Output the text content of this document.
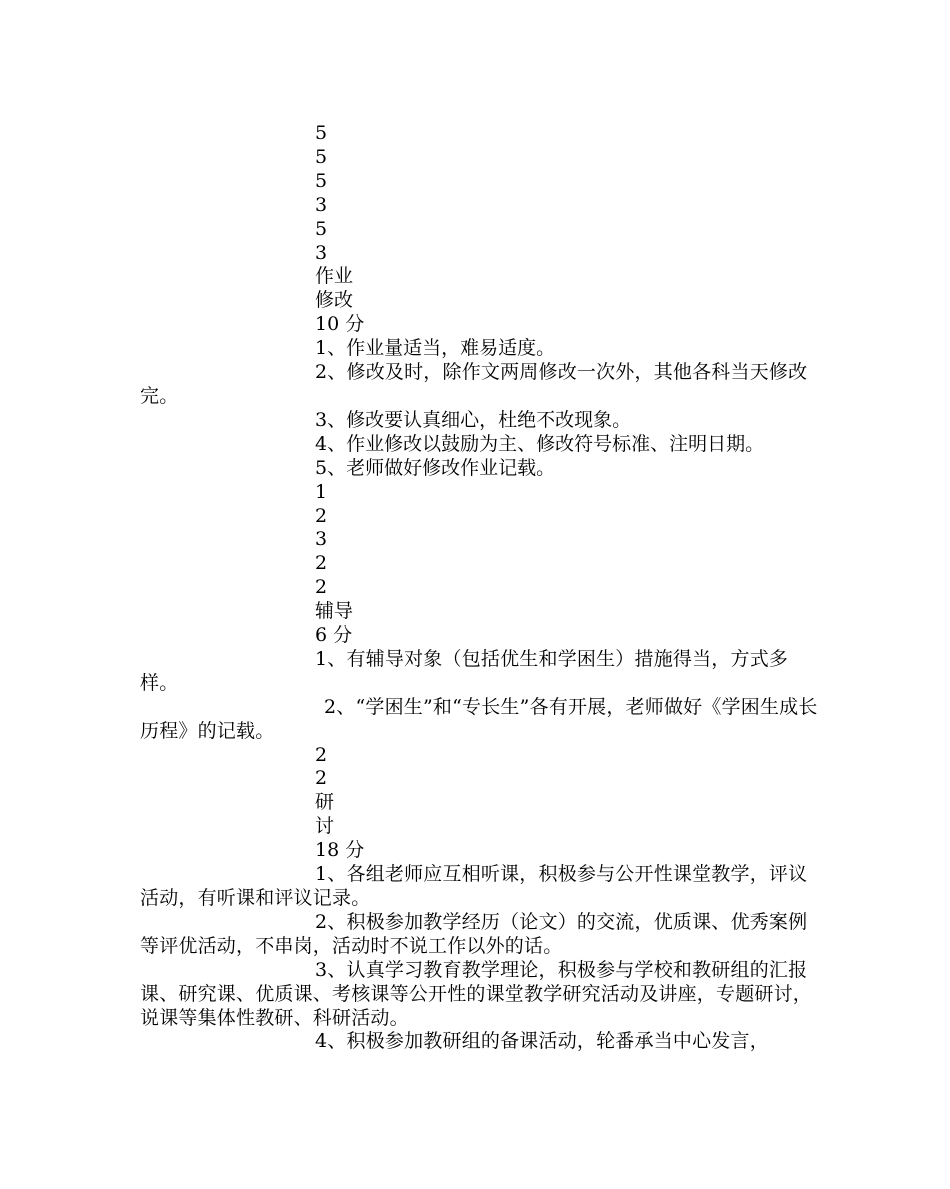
5

5

5

3

5

3

作业

修改

10 分

1、作业量适当，难易适度。

2、修改及时，除作文两周修改一次外，其他各科当天修改完。

3、修改要认真细心，杜绝不改现象。

4、作业修改以鼓励为主、修改符号标准、注明日期。

5、老师做好修改作业记载。

1

2

3

2

2

辅导

6 分

1、有辅导对象（包括优生和学困生）措施得当，方式多样。

2、“学困生”和“专长生”各有开展，老师做好《学困生成长历程》的记载。

2

2

研

讨

18 分

1、各组老师应互相听课，积极参与公开性课堂教学，评议活动，有听课和评议记录。

2、积极参加教学经历（论文）的交流，优质课、优秀案例等评优活动，不串岗，活动时不说工作以外的话。

3、认真学习教育教学理论，积极参与学校和教研组的汇报课、研究课、优质课、考核课等公开性的课堂教学研究活动及讲座，专题研讨，说课等集体性教研、科研活动。

4、积极参加教研组的备课活动，轮番承当中心发言，
